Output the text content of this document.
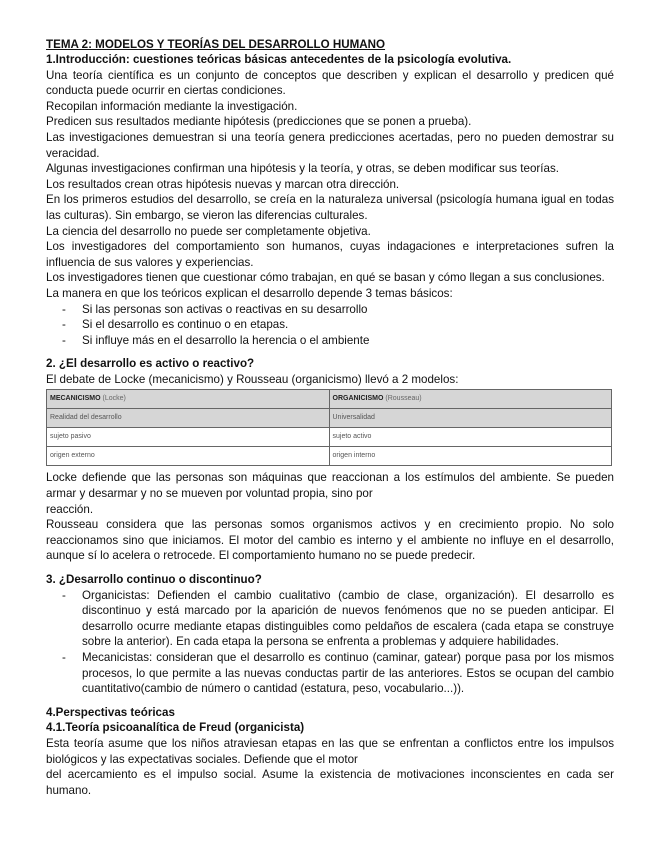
TEMA 2: MODELOS Y TEORÍAS DEL DESARROLLO HUMANO

1.Introducción: cuestiones teóricas básicas antecedentes de la psicología evolutiva.

Una teoría científica es un conjunto de conceptos que describen y explican el desarrollo y predicen qué conducta puede ocurrir en ciertas condiciones.

Recopilan información mediante la investigación.

Predicen sus resultados mediante hipótesis (predicciones que se ponen a prueba).

Las investigaciones demuestran si una teoría genera predicciones acertadas, pero no pueden demostrar su veracidad.

Algunas investigaciones confirman una hipótesis y la teoría, y otras, se deben modificar sus teorías.

Los resultados crean otras hipótesis nuevas y marcan otra dirección.

En los primeros estudios del desarrollo, se creía en la naturaleza universal (psicología humana igual en todas las culturas). Sin embargo, se vieron las diferencias culturales.

La ciencia del desarrollo no puede ser completamente objetiva.

Los investigadores del comportamiento son humanos, cuyas indagaciones e interpretaciones sufren la influencia de sus valores y experiencias.

Los investigadores tienen que cuestionar cómo trabajan, en qué se basan y cómo llegan a sus conclusiones.

La manera en que los teóricos explican el desarrollo depende 3 temas básicos:

- Si las personas son activas o reactivas en su desarrollo
- Si el desarrollo es continuo o en etapas.
- Si influye más en el desarrollo la herencia o el ambiente

2. ¿El desarrollo es activo o reactivo?

El debate de Locke (mecanicismo) y Rousseau (organicismo) llevó a 2 modelos:

MECANICISMO (Locke)	ORGANICISMO (Rousseau)
Realidad del desarrollo	Universalidad
sujeto pasivo	sujeto activo
origen externo	origen interno

Locke defiende que las personas son máquinas que reaccionan a los estímulos del ambiente. Se pueden armar y desarmar y no se mueven por voluntad propia, sino por

reacción.

Rousseau considera que las personas somos organismos activos y en crecimiento propio. No solo reaccionamos sino que iniciamos. El motor del cambio es interno y el ambiente no influye en el desarrollo, aunque sí lo acelera o retrocede. El comportamiento humano no se puede predecir.

3. ¿Desarrollo continuo o discontinuo?

- Organicistas: Defienden el cambio cualitativo (cambio de clase, organización). El desarrollo es discontinuo y está marcado por la aparición de nuevos fenómenos que no se pueden anticipar. El desarrollo ocurre mediante etapas distinguibles como peldaños de escalera (cada etapa se construye sobre la anterior). En cada etapa la persona se enfrenta a problemas y adquiere habilidades.
- Mecanicistas: consideran que el desarrollo es continuo (caminar, gatear) porque pasa por los mismos procesos, lo que permite a las nuevas conductas partir de las anteriores. Estos se ocupan del cambio cuantitativo(cambio de número o cantidad (estatura, peso, vocabulario...)).

4.Perspectivas teóricas

4.1.Teoría psicoanalítica de Freud (organicista)

Esta teoría asume que los niños atraviesan etapas en las que se enfrentan a conflictos entre los impulsos biológicos y las expectativas sociales. Defiende que el motor

del acercamiento es el impulso social. Asume la existencia de motivaciones inconscientes en cada ser humano.
